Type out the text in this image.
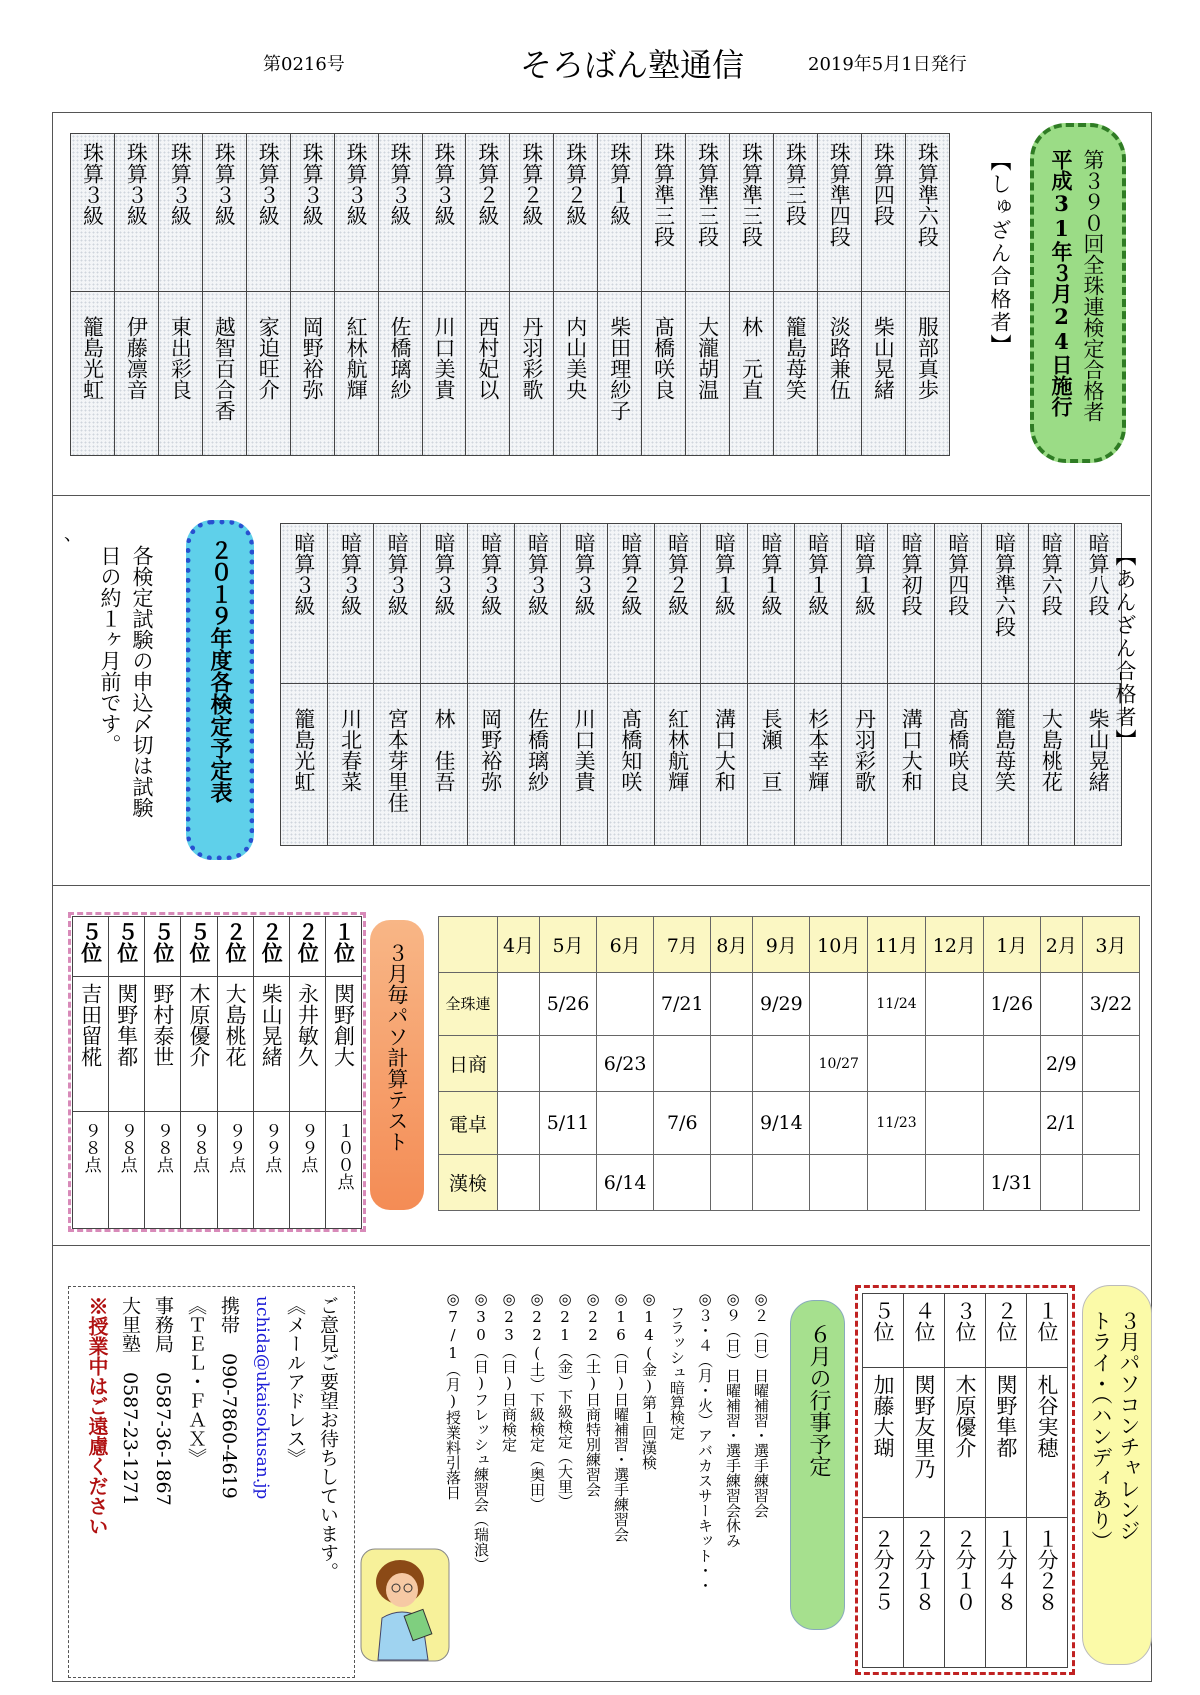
第0216号	そろばん塾通信	2019年5月1日発行
珠算３級	珠算３級	珠算３級	珠算３級	珠算３級	珠算３級	珠算３級	珠算３級	珠算３級	珠算２級	珠算２級	珠算２級	珠算１級	珠算準三段	珠算準三段	珠算準三段	珠算三段	珠算準四段	珠算四段	珠算準六段

籠島光虹	伊藤凛音	東出彩良	越智百合香	家迫旺介	岡野裕弥	紅林航輝	佐橋璃紗	川口美貴	西村妃以	丹羽彩歌	内山美央	柴田理紗子	髙橋咲良	大瀧胡温	林　元直	籠島苺笑	淡路兼伍	柴山晃緒	服部真歩
【しゅざん合格者】	第３９０回全珠連検定合格者
平成31年３月24日施行
暗算３級	暗算３級	暗算３級	暗算３級	暗算３級	暗算３級	暗算３級	暗算２級	暗算２級	暗算１級	暗算１級	暗算１級	暗算１級	暗算初段	暗算四段	暗算準六段	暗算六段	暗算八段

籠島光虹	川北春菜	宮本芽里佳	林　佳吾	岡野裕弥	佐橋璃紗	川口美貴	髙橋知咲	紅林航輝	溝口大和	長瀬　亘	杉本幸輝	丹羽彩歌	溝口大和	髙橋咲良	籠島苺笑	大島桃花	柴山晃緒 【あんざん合格者】
２０１９年度各検定予定表
各検定試験の申込〆切は試験
日の約１ヶ月前です。
、
５位	５位	５位	５位	２位	２位	２位	１位

吉田留椛	関野隼都	野村泰世	木原優介	大島桃花	柴山晃緒	永井敏久	関野創大

９８点	９８点	９８点	９８点	９９点	９９点	９９点	１００点
３月毎パソ計算テスト
		4月	5月	6月	7月	8月	9月	10月	11月	12月	1月	2月	3月
全珠連		5/26		7/21		9/29		11/24		1/26		3/22
日商			6/23				10/27				2/9	
電卓		5/11		7/6		9/14		11/23			2/1	
漢検			6/14							1/31		
３月パソコンチャレンジ
トライ・（ハンディあり）
５位	４位	３位	２位	１位

加藤大瑚	関野友里乃	木原優介	関野隼都	札谷実穂

２分２５	２分１８	２分１０	１分４８	１分２８
６月の行事予定
◎２（日）日曜補習・選手練習会
◎９（日）日曜補習・選手練習会休み
◎３・４（月・火）アバカスサーキット・・
　フラッシュ暗算検定
◎14(金)第１回漢検
◎16（日)日曜補習・選手練習会
◎22（土)日商特別練習会
◎21（金）下級検定（大里）
◎22(土）下級検定（奥田）
◎23（日)日商検定
◎30（日)フレッシュ練習会（瑞浪）
◎7/1（月)授業料引落日
ご意見ご要望お待ちしています。
《メールアドレス》
uchida@ukaisokusan.jp
携帯　090-7860-4619
《ＴＥＬ・ＦＡＸ》
事務局　0587-36-1867
大里塾　0587-23-1271
※授業中はご遠慮ください
